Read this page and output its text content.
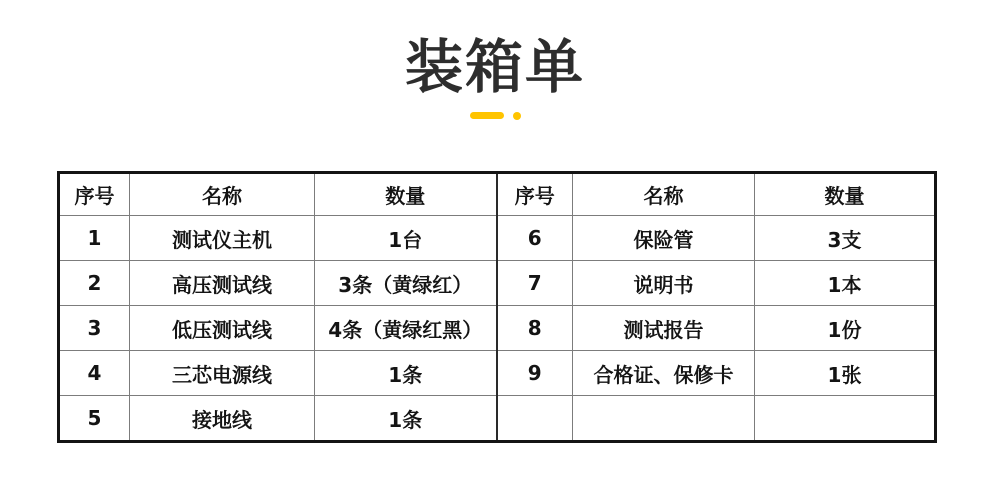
装箱单
序号	名称	数量	序号	名称	数量
1	测试仪主机	1台	6	保险管	3支
2	高压测试线	3条（黄绿红）	7	说明书	1本
3	低压测试线	4条（黄绿红黑）	8	测试报告	1份
4	三芯电源线	1条	9	合格证、保修卡	1张
5	接地线	1条			
